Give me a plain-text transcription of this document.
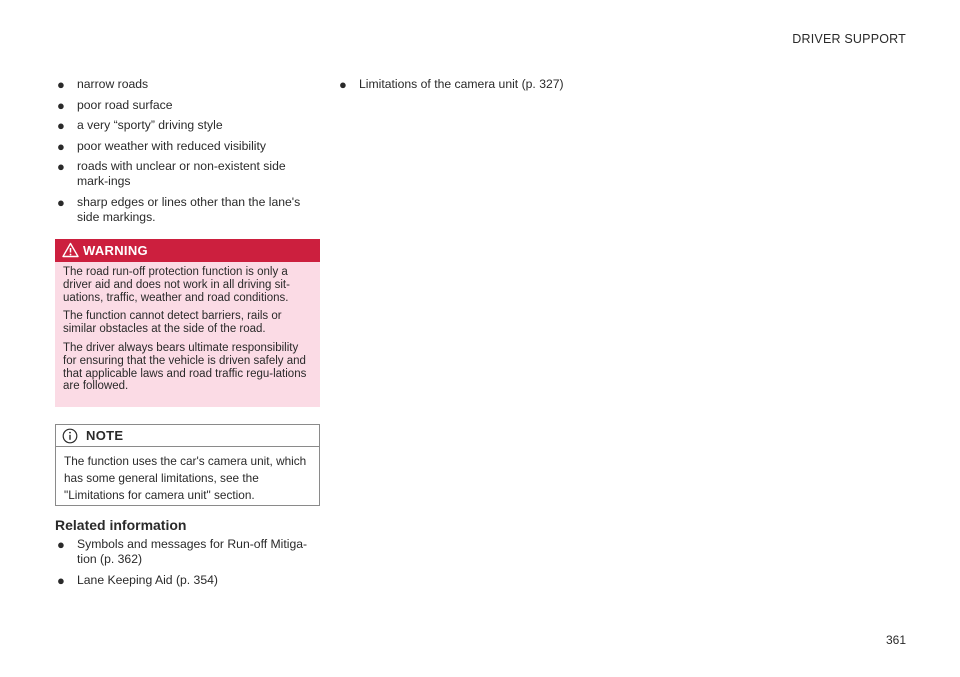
DRIVER SUPPORT
● narrow roads
● poor road surface
● a very “sporty” driving style
● poor weather with reduced visibility
● roads with unclear or non-existent side mark-ings
● sharp edges or lines other than the lane's side markings.
WARNING

The road run-off protection function is only a driver aid and does not work in all driving sit-uations, traffic, weather and road conditions.

The function cannot detect barriers, rails or similar obstacles at the side of the road.

The driver always bears ultimate responsibility for ensuring that the vehicle is driven safely and that applicable laws and road traffic regu-lations are followed.

NOTE
The function uses the car's camera unit, which has some general limitations, see the "Limitations for camera unit" section.
Related information
● Symbols and messages for Run-off Mitiga-tion (p. 362)
● Lane Keeping Aid (p. 354)
● Limitations of the camera unit (p. 327)
361
